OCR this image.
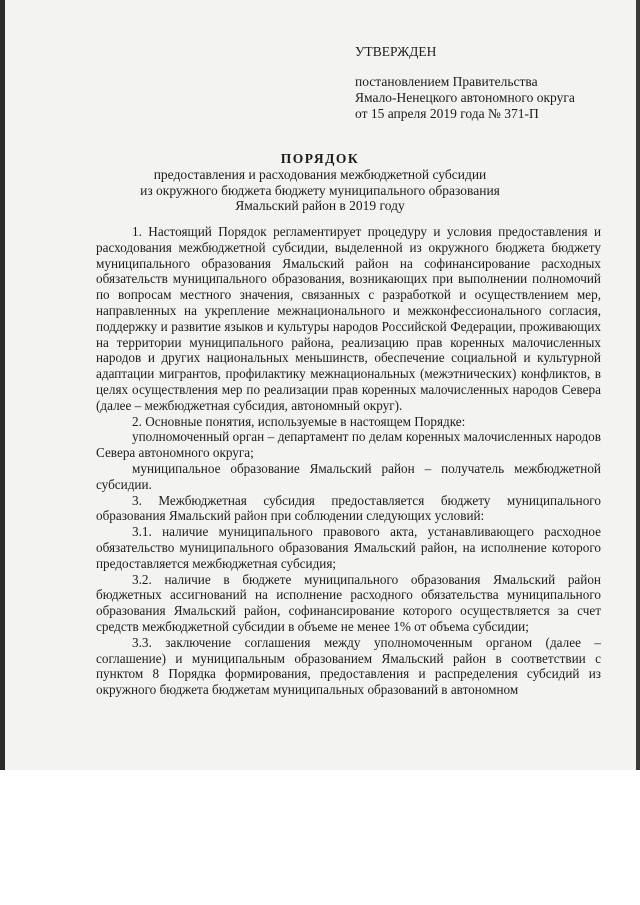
УТВЕРЖДЕН
постановлением Правительства
Ямало-Ненецкого автономного округа
от 15 апреля 2019 года № 371-П
ПОРЯДОК
предоставления и расходования межбюджетной субсидии
из окружного бюджета бюджету муниципального образования
Ямальский район в 2019 году

1. Настоящий Порядок регламентирует процедуру и условия предоставления и расходования межбюджетной субсидии, выделенной из окружного бюджета бюджету муниципального образования Ямальский район на софинансирование расходных обязательств муниципального образования, возникающих при выполнении полномочий по вопросам местного значения, связанных с разработкой и осуществлением мер, направленных на укрепление межнационального и межконфессионального согласия, поддержку и развитие языков и культуры народов Российской Федерации, проживающих на территории муниципального района, реализацию прав коренных малочисленных народов и других национальных меньшинств, обеспечение социальной и культурной адаптации мигрантов, профилактику межнациональных (межэтнических) конфликтов, в целях осуществления мер по реализации прав коренных малочисленных народов Севера (далее – межбюджетная субсидия, автономный округ).

2. Основные понятия, используемые в настоящем Порядке:

уполномоченный орган – департамент по делам коренных малочисленных народов Севера автономного округа;

муниципальное образование Ямальский район – получатель межбюджетной субсидии.

3. Межбюджетная субсидия предоставляется бюджету муниципального образования Ямальский район при соблюдении следующих условий:

3.1. наличие муниципального правового акта, устанавливающего расходное обязательство муниципального образования Ямальский район, на исполнение которого предоставляется межбюджетная субсидия;

3.2. наличие в бюджете муниципального образования Ямальский район бюджетных ассигнований на исполнение расходного обязательства муниципального образования Ямальский район, софинансирование которого осуществляется за счет средств межбюджетной субсидии в объеме не менее 1% от объема субсидии;

3.3. заключение соглашения между уполномоченным органом (далее – соглашение) и муниципальным образованием Ямальский район в соответствии с пунктом 8 Порядка формирования, предоставления и распределения субсидий из окружного бюджета бюджетам муниципальных образований в автономном
